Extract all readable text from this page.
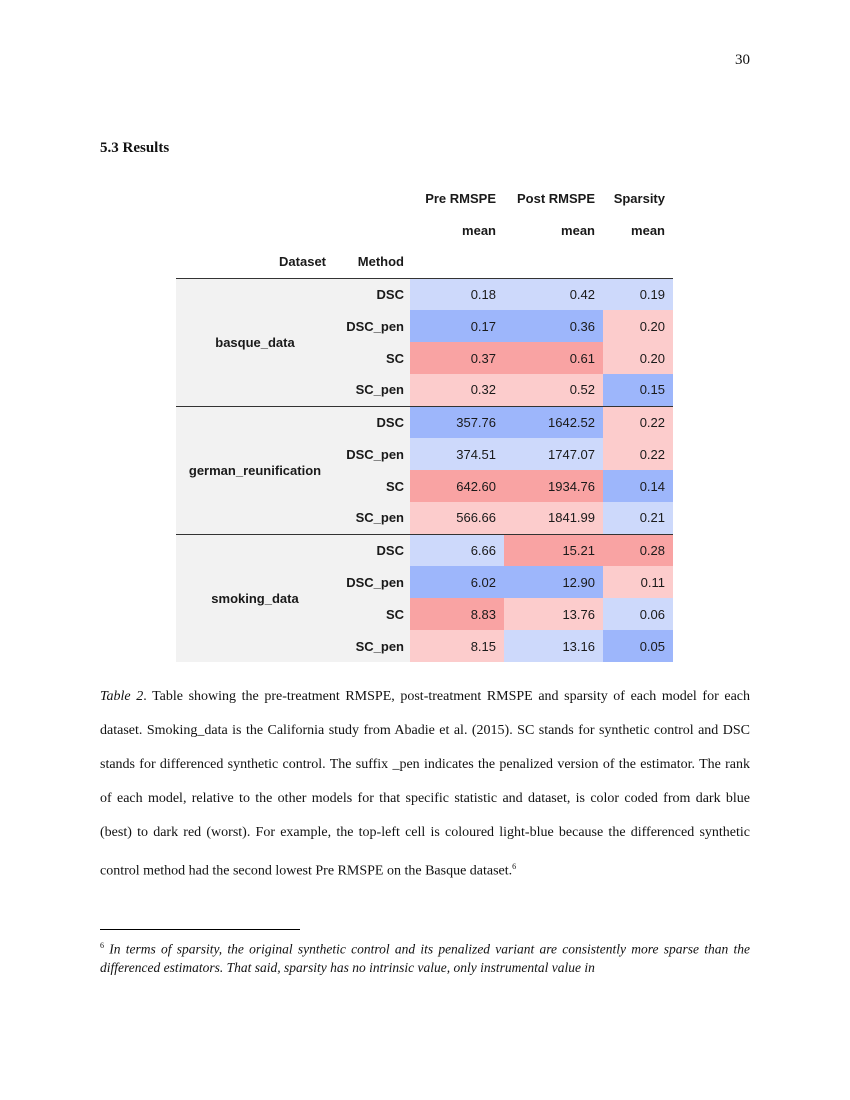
30
5.3 Results
		Pre RMSPE	Post RMSPE	Sparsity
		mean	mean	mean
Dataset	Method			
basque_data	DSC	0.18	0.42	0.19
	DSC_pen	0.17	0.36	0.20
	SC	0.37	0.61	0.20
	SC_pen	0.32	0.52	0.15
german_reunification	DSC	357.76	1642.52	0.22
	DSC_pen	374.51	1747.07	0.22
	SC	642.60	1934.76	0.14
	SC_pen	566.66	1841.99	0.21
smoking_data	DSC	6.66	15.21	0.28
	DSC_pen	6.02	12.90	0.11
	SC	8.83	13.76	0.06
	SC_pen	8.15	13.16	0.05
Table 2. Table showing the pre-treatment RMSPE, post-treatment RMSPE and sparsity of each model for each dataset. Smoking_data is the California study from Abadie et al. (2015). SC stands for synthetic control and DSC stands for differenced synthetic control. The suffix _pen indicates the penalized version of the estimator. The rank of each model, relative to the other models for that specific statistic and dataset, is color coded from dark blue (best) to dark red (worst). For example, the top-left cell is coloured light-blue because the differenced synthetic control method had the second lowest Pre RMSPE on the Basque dataset.$^6$
$^6$ In terms of sparsity, the original synthetic control and its penalized variant are consistently more sparse than the differenced estimators. That said, sparsity has no intrinsic value, only instrumental value in
